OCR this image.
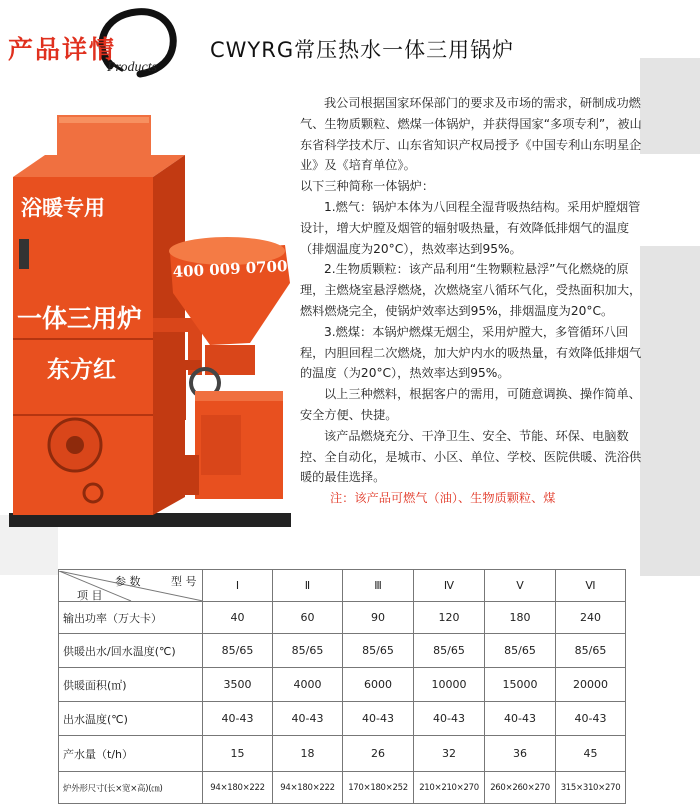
产品详情
Products
CWYRG常压热水一体三用锅炉
浴暖专用
400 009 0700
一体三用炉
东方红

我公司根据国家环保部门的要求及市场的需求，研制成功燃气、生物质颗粒、燃煤一体锅炉，并获得国家“多项专利”，被山东省科学技术厅、山东省知识产权局授予《中国专利山东明星企业》及《培育单位》。

以下三种简称一体锅炉：

1.燃气：锅炉本体为八回程全湿背吸热结构。采用炉膛烟管设计，增大炉膛及烟管的辐射吸热量，有效降低排烟气的温度（排烟温度为20°C），热效率达到95%。

2.生物质颗粒：该产品利用“生物颗粒悬浮”气化燃烧的原理，主燃烧室悬浮燃烧，次燃烧室八循环气化，受热面积加大，燃料燃烧完全，使锅炉效率达到95%，排烟温度为20°C。

3.燃煤：本锅炉燃煤无烟尘，采用炉膛大，多管循环八回程，内胆回程二次燃烧，加大炉内水的吸热量，有效降低排烟气的温度（为20°C），热效率达到95%。

以上三种燃料，根据客户的需用，可随意调换、操作简单、安全方便、快捷。

该产品燃烧充分、干净卫生、安全、节能、环保、电脑数控、全自动化，是城市、小区、单位、学校、医院供暖、洗浴供暖的最佳选择。

注：该产品可燃气（油）、生物质颗粒、煤

参 数 型 号
项 目	Ⅰ	Ⅱ	Ⅲ	Ⅳ	Ⅴ	Ⅵ
输出功率（万大卡）	40	60	90	120	180	240
供暖出水/回水温度(℃)	85/65	85/65	85/65	85/65	85/65	85/65
供暖面积(㎡)	3500	4000	6000	10000	15000	20000
出水温度(℃)	40-43	40-43	40-43	40-43	40-43	40-43
产水量（t/h）	15	18	26	32	36	45
炉外形尺寸(长×宽×高)(㎝)	94×180×222	94×180×222	170×180×252	210×210×270	260×260×270	315×310×270
